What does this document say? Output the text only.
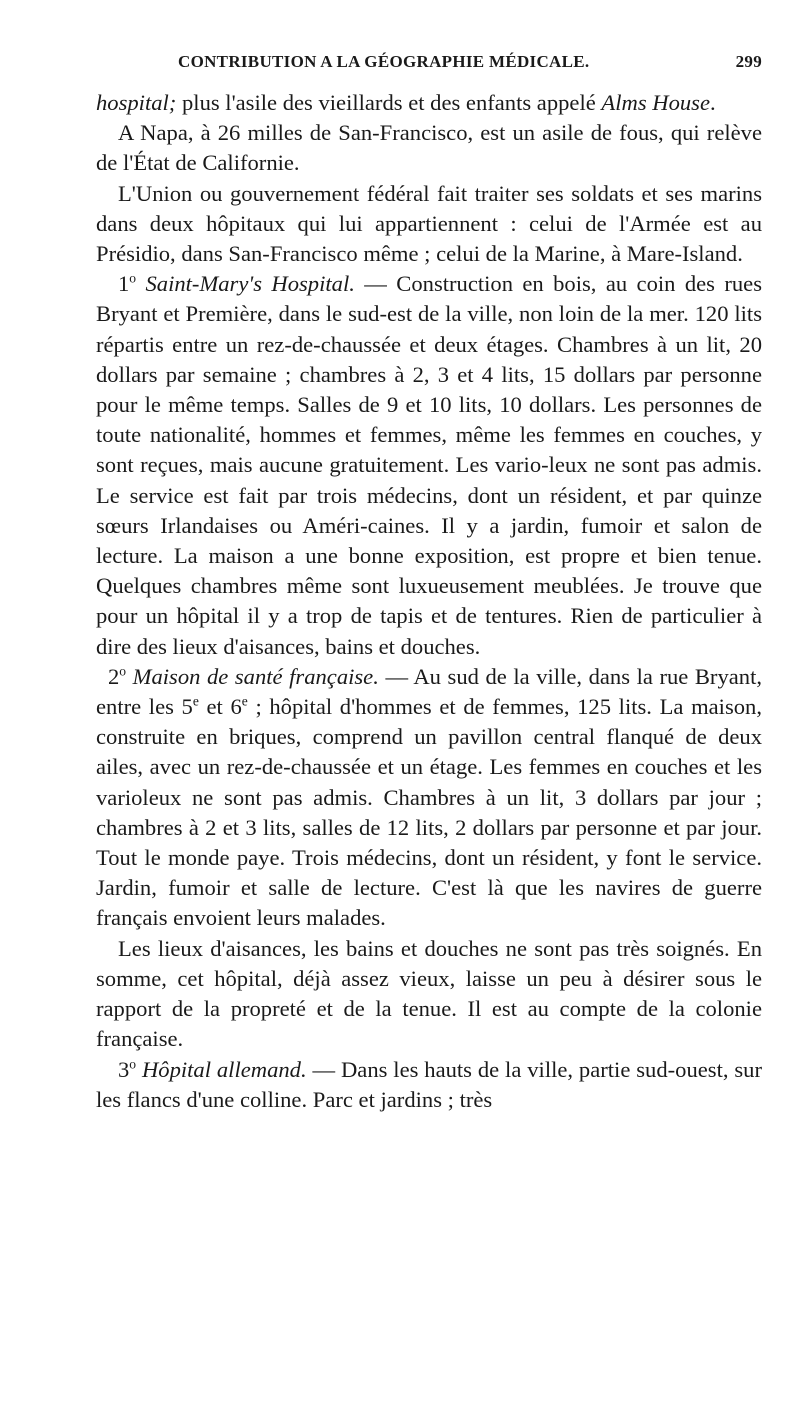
CONTRIBUTION A LA GÉOGRAPHIE MÉDICALE.	299

hospital; plus l'asile des vieillards et des enfants appelé Alms House.

A Napa, à 26 milles de San-Francisco, est un asile de fous, qui relève de l'État de Californie.

L'Union ou gouvernement fédéral fait traiter ses soldats et ses marins dans deux hôpitaux qui lui appartiennent : celui de l'Armée est au Présidio, dans San-Francisco même ; celui de la Marine, à Mare-Island.

1$^o$ Saint-Mary's Hospital. — Construction en bois, au coin des rues Bryant et Première, dans le sud-est de la ville, non loin de la mer. 120 lits répartis entre un rez-de-chaussée et deux étages. Chambres à un lit, 20 dollars par semaine ; chambres à 2, 3 et 4 lits, 15 dollars par personne pour le même temps. Salles de 9 et 10 lits, 10 dollars. Les personnes de toute nationalité, hommes et femmes, même les femmes en couches, y sont reçues, mais aucune gratuitement. Les vario-leux ne sont pas admis. Le service est fait par trois médecins, dont un résident, et par quinze sœurs Irlandaises ou Améri-caines. Il y a jardin, fumoir et salon de lecture. La maison a une bonne exposition, est propre et bien tenue. Quelques chambres même sont luxueusement meublées. Je trouve que pour un hôpital il y a trop de tapis et de tentures. Rien de particulier à dire des lieux d'aisances, bains et douches.

2$^o$ Maison de santé française. — Au sud de la ville, dans la rue Bryant, entre les 5e et 6e ; hôpital d'hommes et de femmes, 125 lits. La maison, construite en briques, comprend un pavillon central flanqué de deux ailes, avec un rez-de-chaussée et un étage. Les femmes en couches et les varioleux ne sont pas admis. Chambres à un lit, 3 dollars par jour ; chambres à 2 et 3 lits, salles de 12 lits, 2 dollars par personne et par jour. Tout le monde paye. Trois médecins, dont un résident, y font le service. Jardin, fumoir et salle de lecture. C'est là que les navires de guerre français envoient leurs malades.

Les lieux d'aisances, les bains et douches ne sont pas très soignés. En somme, cet hôpital, déjà assez vieux, laisse un peu à désirer sous le rapport de la propreté et de la tenue. Il est au compte de la colonie française.

3$^o$ Hôpital allemand. — Dans les hauts de la ville, partie sud-ouest, sur les flancs d'une colline. Parc et jardins ; très
